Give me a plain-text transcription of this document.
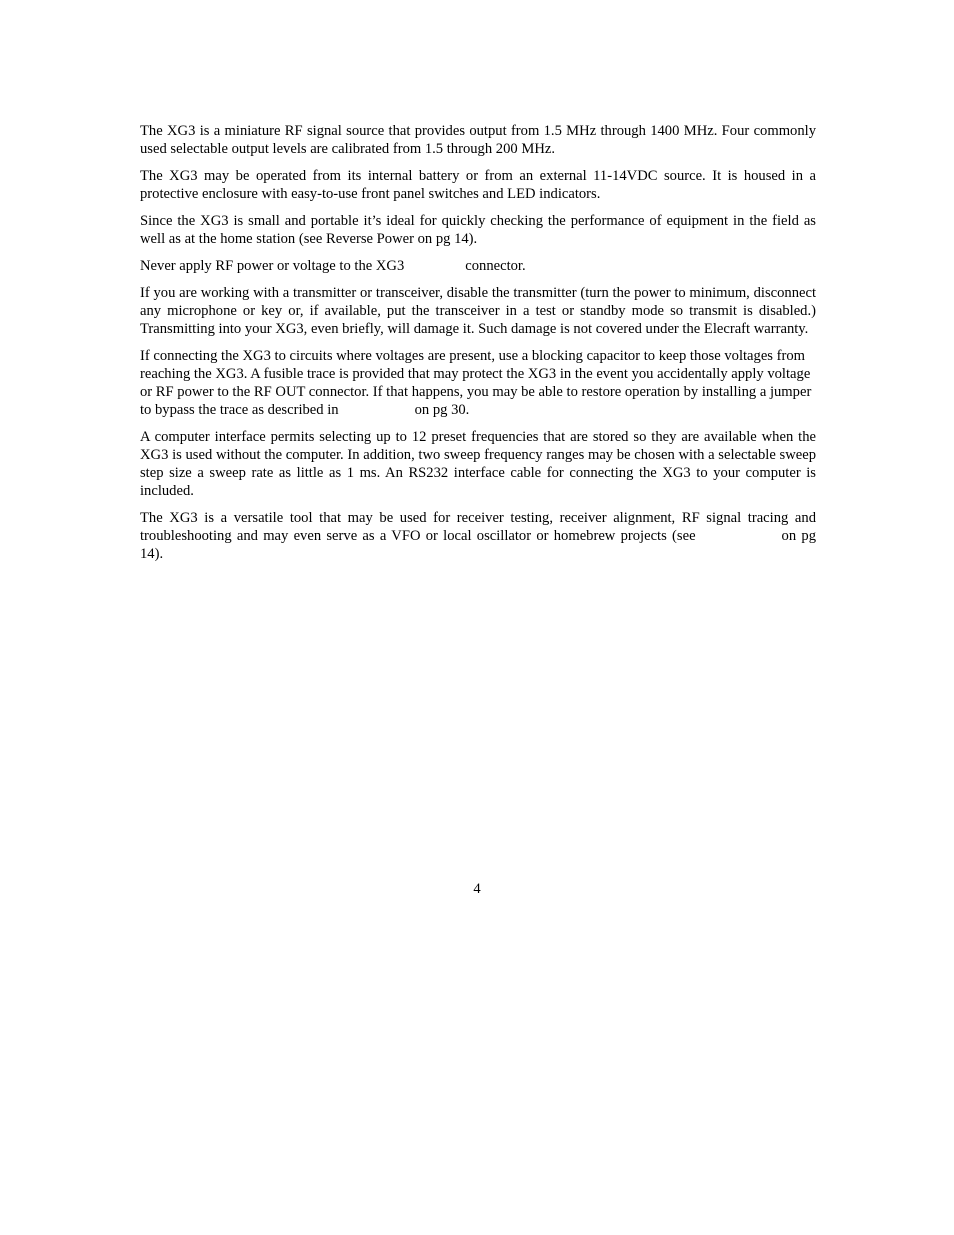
The XG3 is a miniature RF signal source that provides output from 1.5 MHz through 1400 MHz. Four commonly used selectable output levels are calibrated from 1.5 through 200 MHz.

The XG3 may be operated from its internal battery or from an external 11-14VDC source. It is housed in a protective enclosure with easy-to-use front panel switches and LED indicators.

Since the XG3 is small and portable it’s ideal for quickly checking the performance of equipment in the field as well as at the home station (see Reverse Power on pg 14).

Never apply RF power or voltage to the XG3	connector.

If you are working with a transmitter or transceiver, disable the transmitter (turn the power to minimum, disconnect any microphone or key or, if available, put the transceiver in a test or standby mode so transmit is disabled.) Transmitting into your XG3, even briefly, will damage it. Such damage is not covered under the Elecraft warranty.

If connecting the XG3 to circuits where voltages are present, use a blocking capacitor to keep those voltages from reaching the XG3. A fusible trace is provided that may protect the XG3 in the event you accidentally apply voltage or RF power to the RF OUT connector. If that happens, you may be able to restore operation by installing a jumper to bypass the trace as described in	on pg 30.

A computer interface permits selecting up to 12 preset frequencies that are stored so they are available when the XG3 is used without the computer. In addition, two sweep frequency ranges may be chosen with a selectable sweep step size a sweep rate as little as 1 ms. An RS232 interface cable for connecting the XG3 to your computer is included.

The XG3 is a versatile tool that may be used for receiver testing, receiver alignment, RF signal tracing and troubleshooting and may even serve as a VFO or local oscillator or homebrew projects (see	on pg 14).

4
